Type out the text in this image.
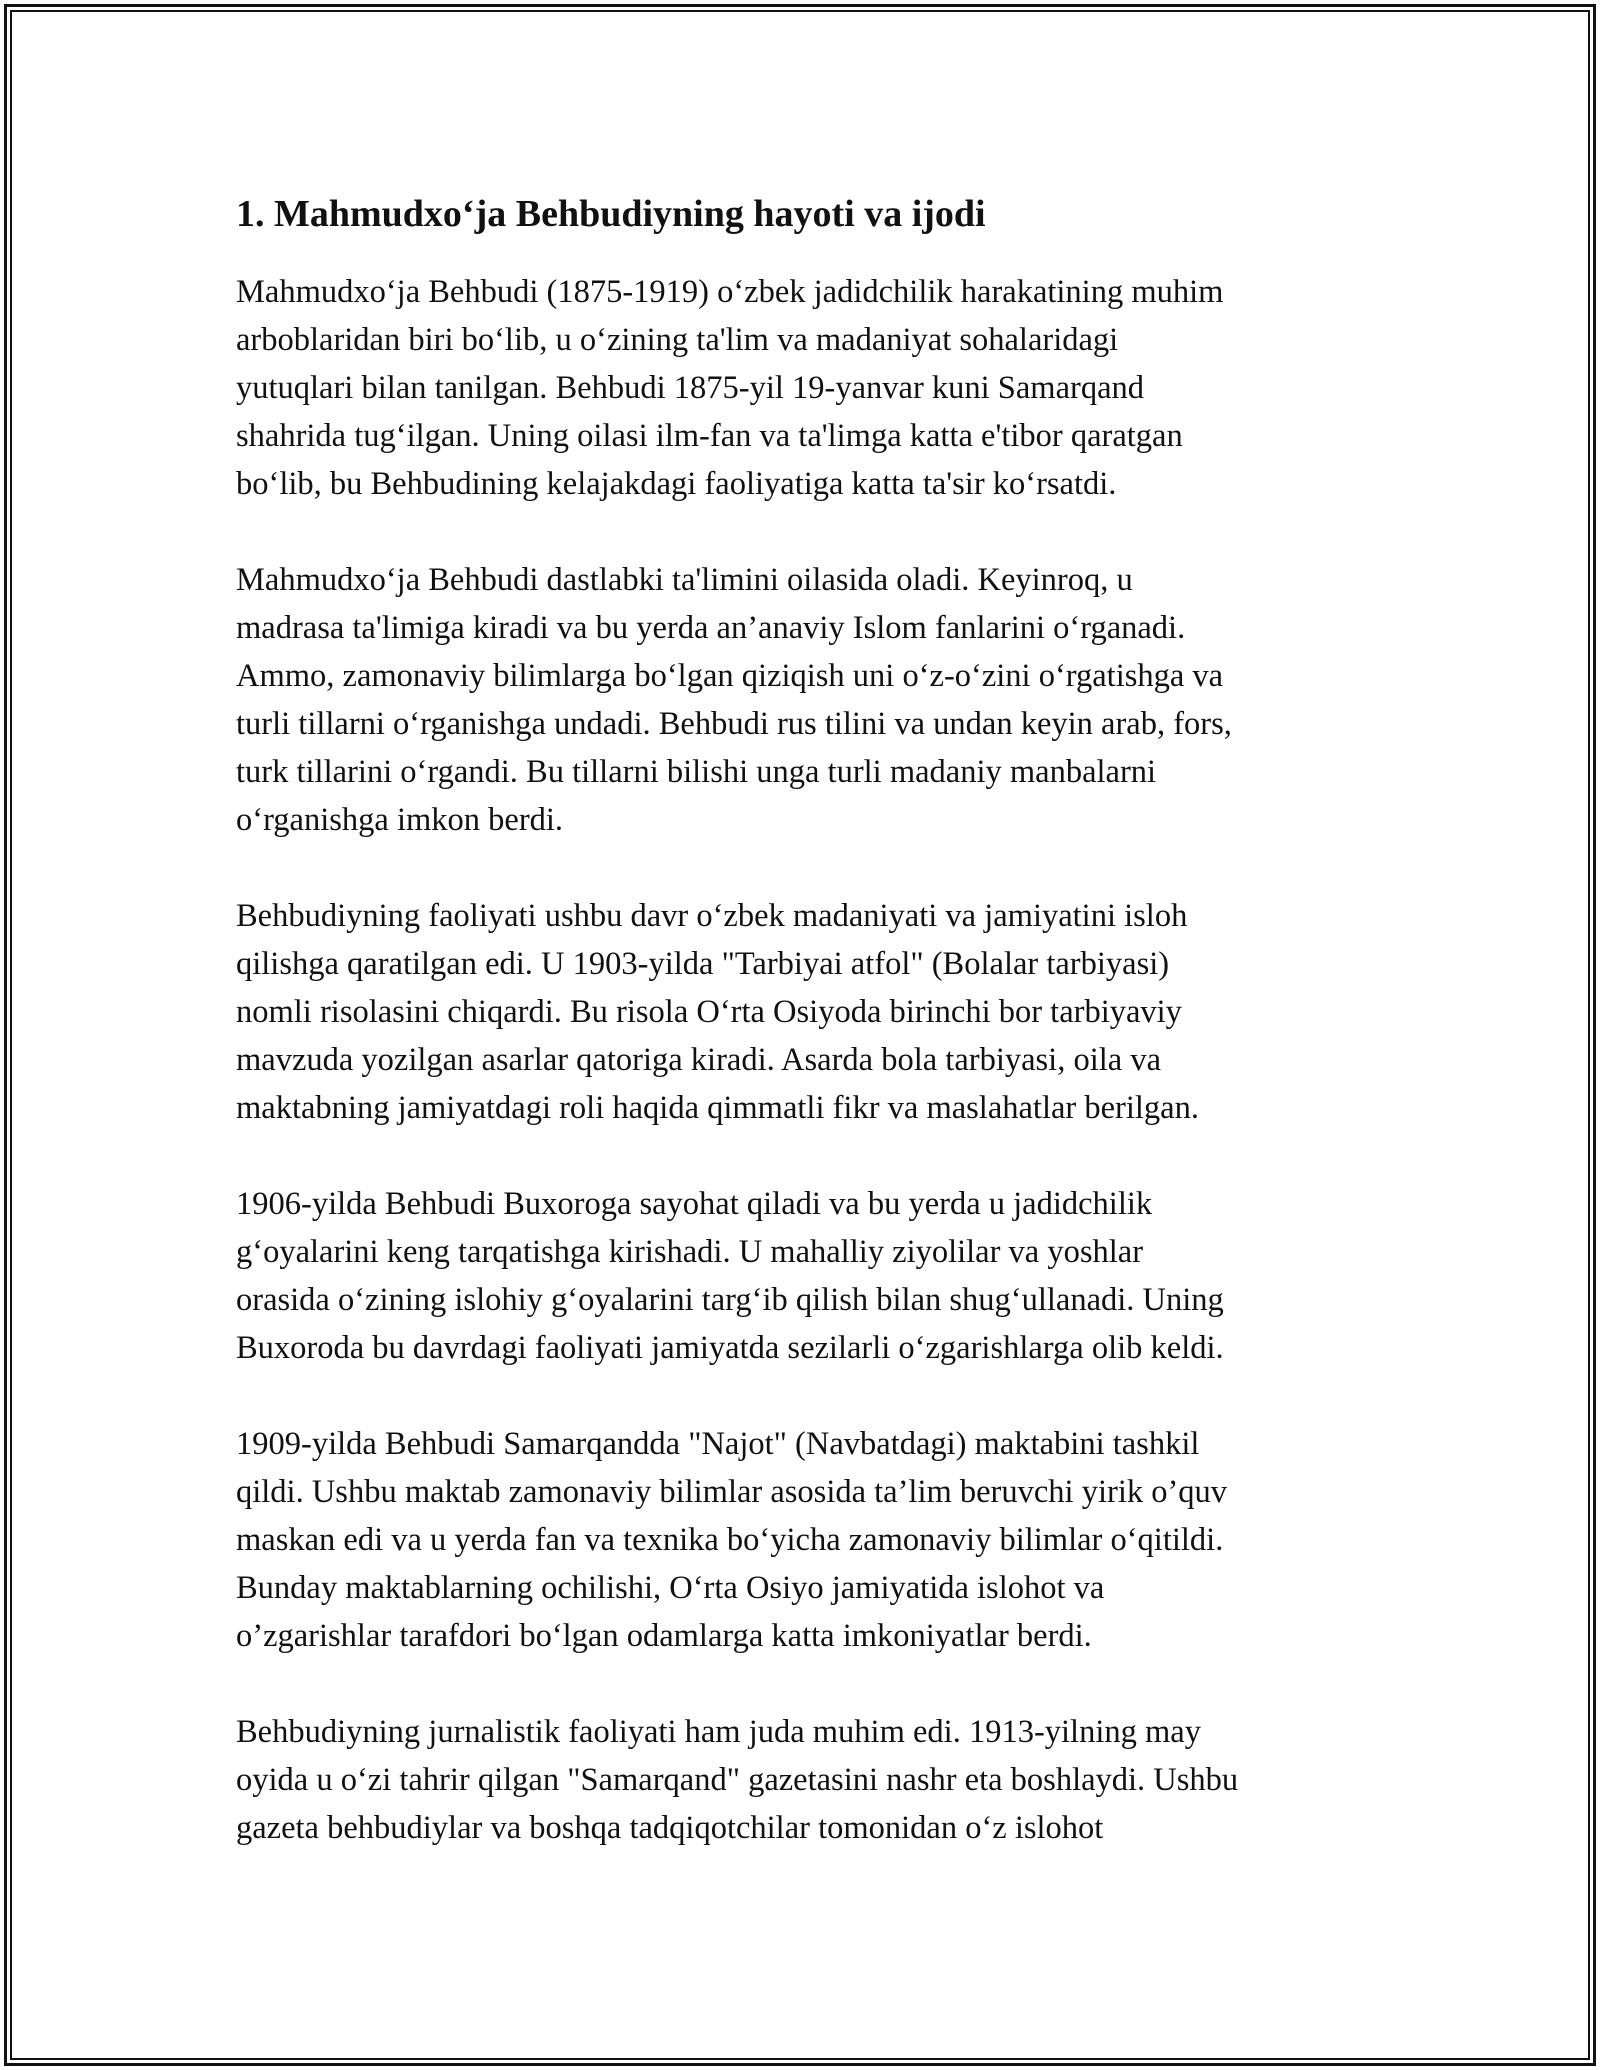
1. Mahmudxo‘ja Behbudiyning hayoti va ijodi

Mahmudxo‘ja Behbudi (1875-1919) o‘zbek jadidchilik harakatining muhim
arboblaridan biri bo‘lib, u o‘zining ta'lim va madaniyat sohalaridagi
yutuqlari bilan tanilgan. Behbudi 1875-yil 19-yanvar kuni Samarqand
shahrida tug‘ilgan. Uning oilasi ilm-fan va ta'limga katta e'tibor qaratgan
bo‘lib, bu Behbudining kelajakdagi faoliyatiga katta ta'sir ko‘rsatdi.

Mahmudxo‘ja Behbudi dastlabki ta'limini oilasida oladi. Keyinroq, u
madrasa ta'limiga kiradi va bu yerda an’anaviy Islom fanlarini o‘rganadi.
Ammo, zamonaviy bilimlarga bo‘lgan qiziqish uni o‘z-o‘zini o‘rgatishga va
turli tillarni o‘rganishga undadi. Behbudi rus tilini va undan keyin arab, fors,
turk tillarini o‘rgandi. Bu tillarni bilishi unga turli madaniy manbalarni
o‘rganishga imkon berdi.

Behbudiyning faoliyati ushbu davr o‘zbek madaniyati va jamiyatini isloh
qilishga qaratilgan edi. U 1903-yilda "Tarbiyai atfol" (Bolalar tarbiyasi)
nomli risolasini chiqardi. Bu risola O‘rta Osiyoda birinchi bor tarbiyaviy
mavzuda yozilgan asarlar qatoriga kiradi. Asarda bola tarbiyasi, oila va
maktabning jamiyatdagi roli haqida qimmatli fikr va maslahatlar berilgan.

1906-yilda Behbudi Buxoroga sayohat qiladi va bu yerda u jadidchilik
g‘oyalarini keng tarqatishga kirishadi. U mahalliy ziyolilar va yoshlar
orasida o‘zining islohiy g‘oyalarini targ‘ib qilish bilan shug‘ullanadi. Uning
Buxoroda bu davrdagi faoliyati jamiyatda sezilarli o‘zgarishlarga olib keldi.

1909-yilda Behbudi Samarqandda "Najot" (Navbatdagi) maktabini tashkil
qildi. Ushbu maktab zamonaviy bilimlar asosida ta’lim beruvchi yirik o’quv
maskan edi va u yerda fan va texnika bo‘yicha zamonaviy bilimlar o‘qitildi.
Bunday maktablarning ochilishi, O‘rta Osiyo jamiyatida islohot va
o’zgarishlar tarafdori bo‘lgan odamlarga katta imkoniyatlar berdi.

Behbudiyning jurnalistik faoliyati ham juda muhim edi. 1913-yilning may
oyida u o‘zi tahrir qilgan "Samarqand" gazetasini nashr eta boshlaydi. Ushbu
gazeta behbudiylar va boshqa tadqiqotchilar tomonidan o‘z islohot
